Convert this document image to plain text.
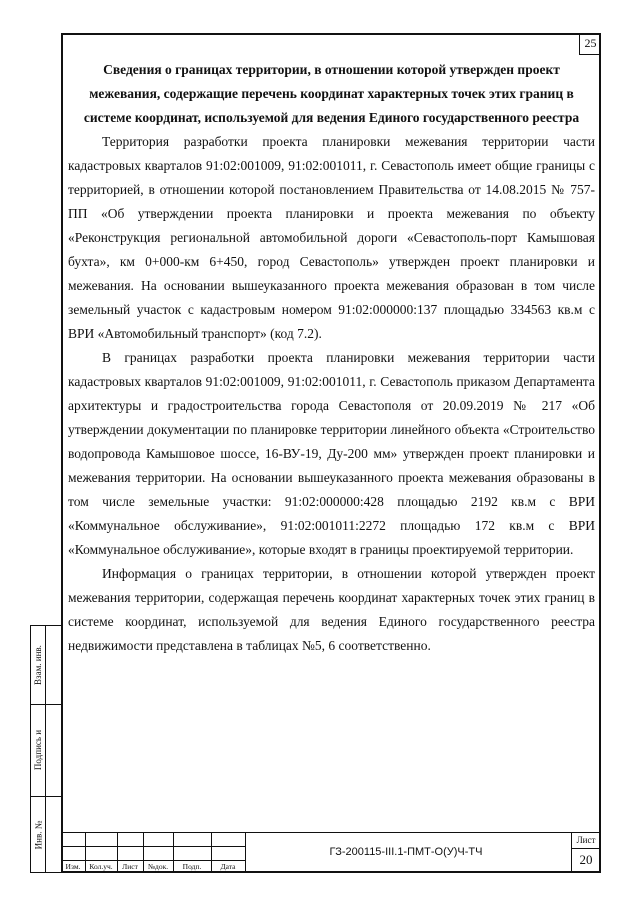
25
Сведения о границах территории, в отношении которой утвержден проект межевания, содержащие перечень координат характерных точек этих границ в системе координат, используемой для ведения Единого государственного реестра

Территория разработки проекта планировки межевания территории части кадастровых кварталов 91:02:001009, 91:02:001011, г. Севастополь имеет общие границы с территорией, в отношении которой постановлением Правительства от 14.08.2015 № 757-ПП «Об утверждении проекта планировки и проекта межевания по объекту «Реконструкция региональной автомобильной дороги «Севастополь-порт Камышовая бухта», км 0+000-км 6+450, город Севастополь» утвержден проект планировки и межевания. На основании вышеуказанного проекта межевания образован в том числе земельный участок с кадастровым номером 91:02:000000:137 площадью 334563 кв.м с ВРИ «Автомобильный транспорт» (код 7.2).

В границах разработки проекта планировки межевания территории части кадастровых кварталов 91:02:001009, 91:02:001011, г. Севастополь приказом Департамента архитектуры и градостроительства города Севастополя от 20.09.2019 № 217 «Об утверждении документации по планировке территории линейного объекта «Строительство водопровода Камышовое шоссе, 16-ВУ-19, Ду-200 мм» утвержден проект планировки и межевания территории. На основании вышеуказанного проекта межевания образованы в том числе земельные участки: 91:02:000000:428 площадью 2192 кв.м с ВРИ «Коммунальное обслуживание», 91:02:001011:2272 площадью 172 кв.м с ВРИ «Коммунальное обслуживание», которые входят в границы проектируемой территории.

Информация о границах территории, в отношении которой утвержден проект межевания территории, содержащая перечень координат характерных точек этих границ в системе координат, используемой для ведения Единого государственного реестра недвижимости представлена в таблицах №5, 6 соответственно.

Взам. инв.
Подпись и
Инв. №
Изм.	Кол.уч.	Лист	№док.	Подп.	Дата
ГЗ-200115-III.1-ПМТ-О(У)Ч-ТЧ
Лист
20
